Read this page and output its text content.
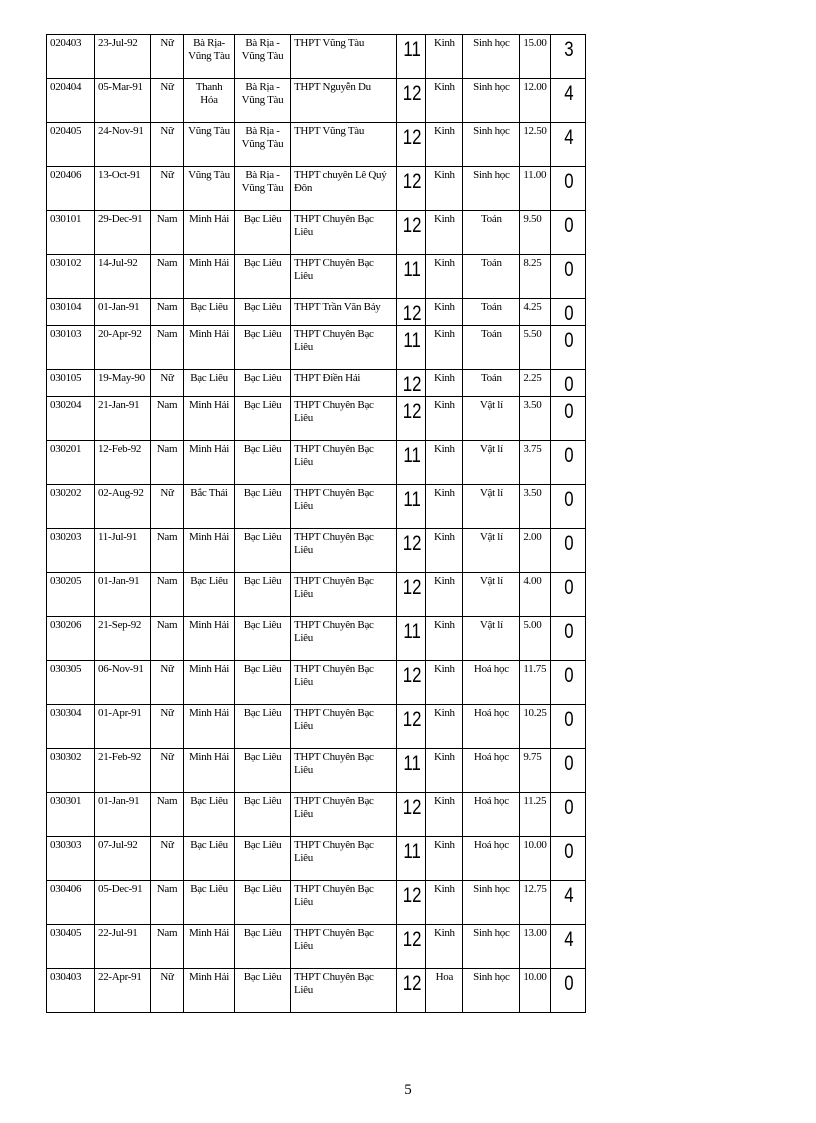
020403	23-Jul-92	Nữ	Bà Rịa-Vũng Tàu	Bà Rịa - Vũng Tàu	THPT Vũng Tàu	11	Kinh	Sinh học	15.00	3
020404	05-Mar-91	Nữ	Thanh Hóa	Bà Rịa - Vũng Tàu	THPT Nguyễn Du	12	Kinh	Sinh học	12.00	4
020405	24-Nov-91	Nữ	Vũng Tàu	Bà Rịa - Vũng Tàu	THPT Vũng Tàu	12	Kinh	Sinh học	12.50	4
020406	13-Oct-91	Nữ	Vũng Tàu	Bà Rịa - Vũng Tàu	THPT chuyên Lê Quý Đôn	12	Kinh	Sinh học	11.00	0
030101	29-Dec-91	Nam	Minh Hải	Bạc Liêu	THPT Chuyên Bạc Liêu	12	Kinh	Toán	9.50	0
030102	14-Jul-92	Nam	Minh Hải	Bạc Liêu	THPT Chuyên Bạc Liêu	11	Kinh	Toán	8.25	0
030104	01-Jan-91	Nam	Bạc Liêu	Bạc Liêu	THPT Trần Văn Bảy	12	Kinh	Toán	4.25	0
030103	20-Apr-92	Nam	Minh Hải	Bạc Liêu	THPT Chuyên Bạc Liêu	11	Kinh	Toán	5.50	0
030105	19-May-90	Nữ	Bạc Liêu	Bạc Liêu	THPT Điền Hải	12	Kinh	Toán	2.25	0
030204	21-Jan-91	Nam	Minh Hải	Bạc Liêu	THPT Chuyên Bạc Liêu	12	Kinh	Vật lí	3.50	0
030201	12-Feb-92	Nam	Minh Hải	Bạc Liêu	THPT Chuyên Bạc Liêu	11	Kinh	Vật lí	3.75	0
030202	02-Aug-92	Nữ	Bắc Thái	Bạc Liêu	THPT Chuyên Bạc Liêu	11	Kinh	Vật lí	3.50	0
030203	11-Jul-91	Nam	Minh Hải	Bạc Liêu	THPT Chuyên Bạc Liêu	12	Kinh	Vật lí	2.00	0
030205	01-Jan-91	Nam	Bạc Liêu	Bạc Liêu	THPT Chuyên Bạc Liêu	12	Kinh	Vật lí	4.00	0
030206	21-Sep-92	Nam	Minh Hải	Bạc Liêu	THPT Chuyên Bạc Liêu	11	Kinh	Vật lí	5.00	0
030305	06-Nov-91	Nữ	Minh Hải	Bạc Liêu	THPT Chuyên Bạc Liêu	12	Kinh	Hoá học	11.75	0
030304	01-Apr-91	Nữ	Minh Hải	Bạc Liêu	THPT Chuyên Bạc Liêu	12	Kinh	Hoá học	10.25	0
030302	21-Feb-92	Nữ	Minh Hải	Bạc Liêu	THPT Chuyên Bạc Liêu	11	Kinh	Hoá học	9.75	0
030301	01-Jan-91	Nam	Bạc Liêu	Bạc Liêu	THPT Chuyên Bạc Liêu	12	Kinh	Hoá học	11.25	0
030303	07-Jul-92	Nữ	Bạc Liêu	Bạc Liêu	THPT Chuyên Bạc Liêu	11	Kinh	Hoá học	10.00	0
030406	05-Dec-91	Nam	Bạc Liêu	Bạc Liêu	THPT Chuyên Bạc Liêu	12	Kinh	Sinh học	12.75	4
030405	22-Jul-91	Nam	Minh Hải	Bạc Liêu	THPT Chuyên Bạc Liêu	12	Kinh	Sinh học	13.00	4
030403	22-Apr-91	Nữ	Minh Hải	Bạc Liêu	THPT Chuyên Bạc Liêu	12	Hoa	Sinh học	10.00	0
5
